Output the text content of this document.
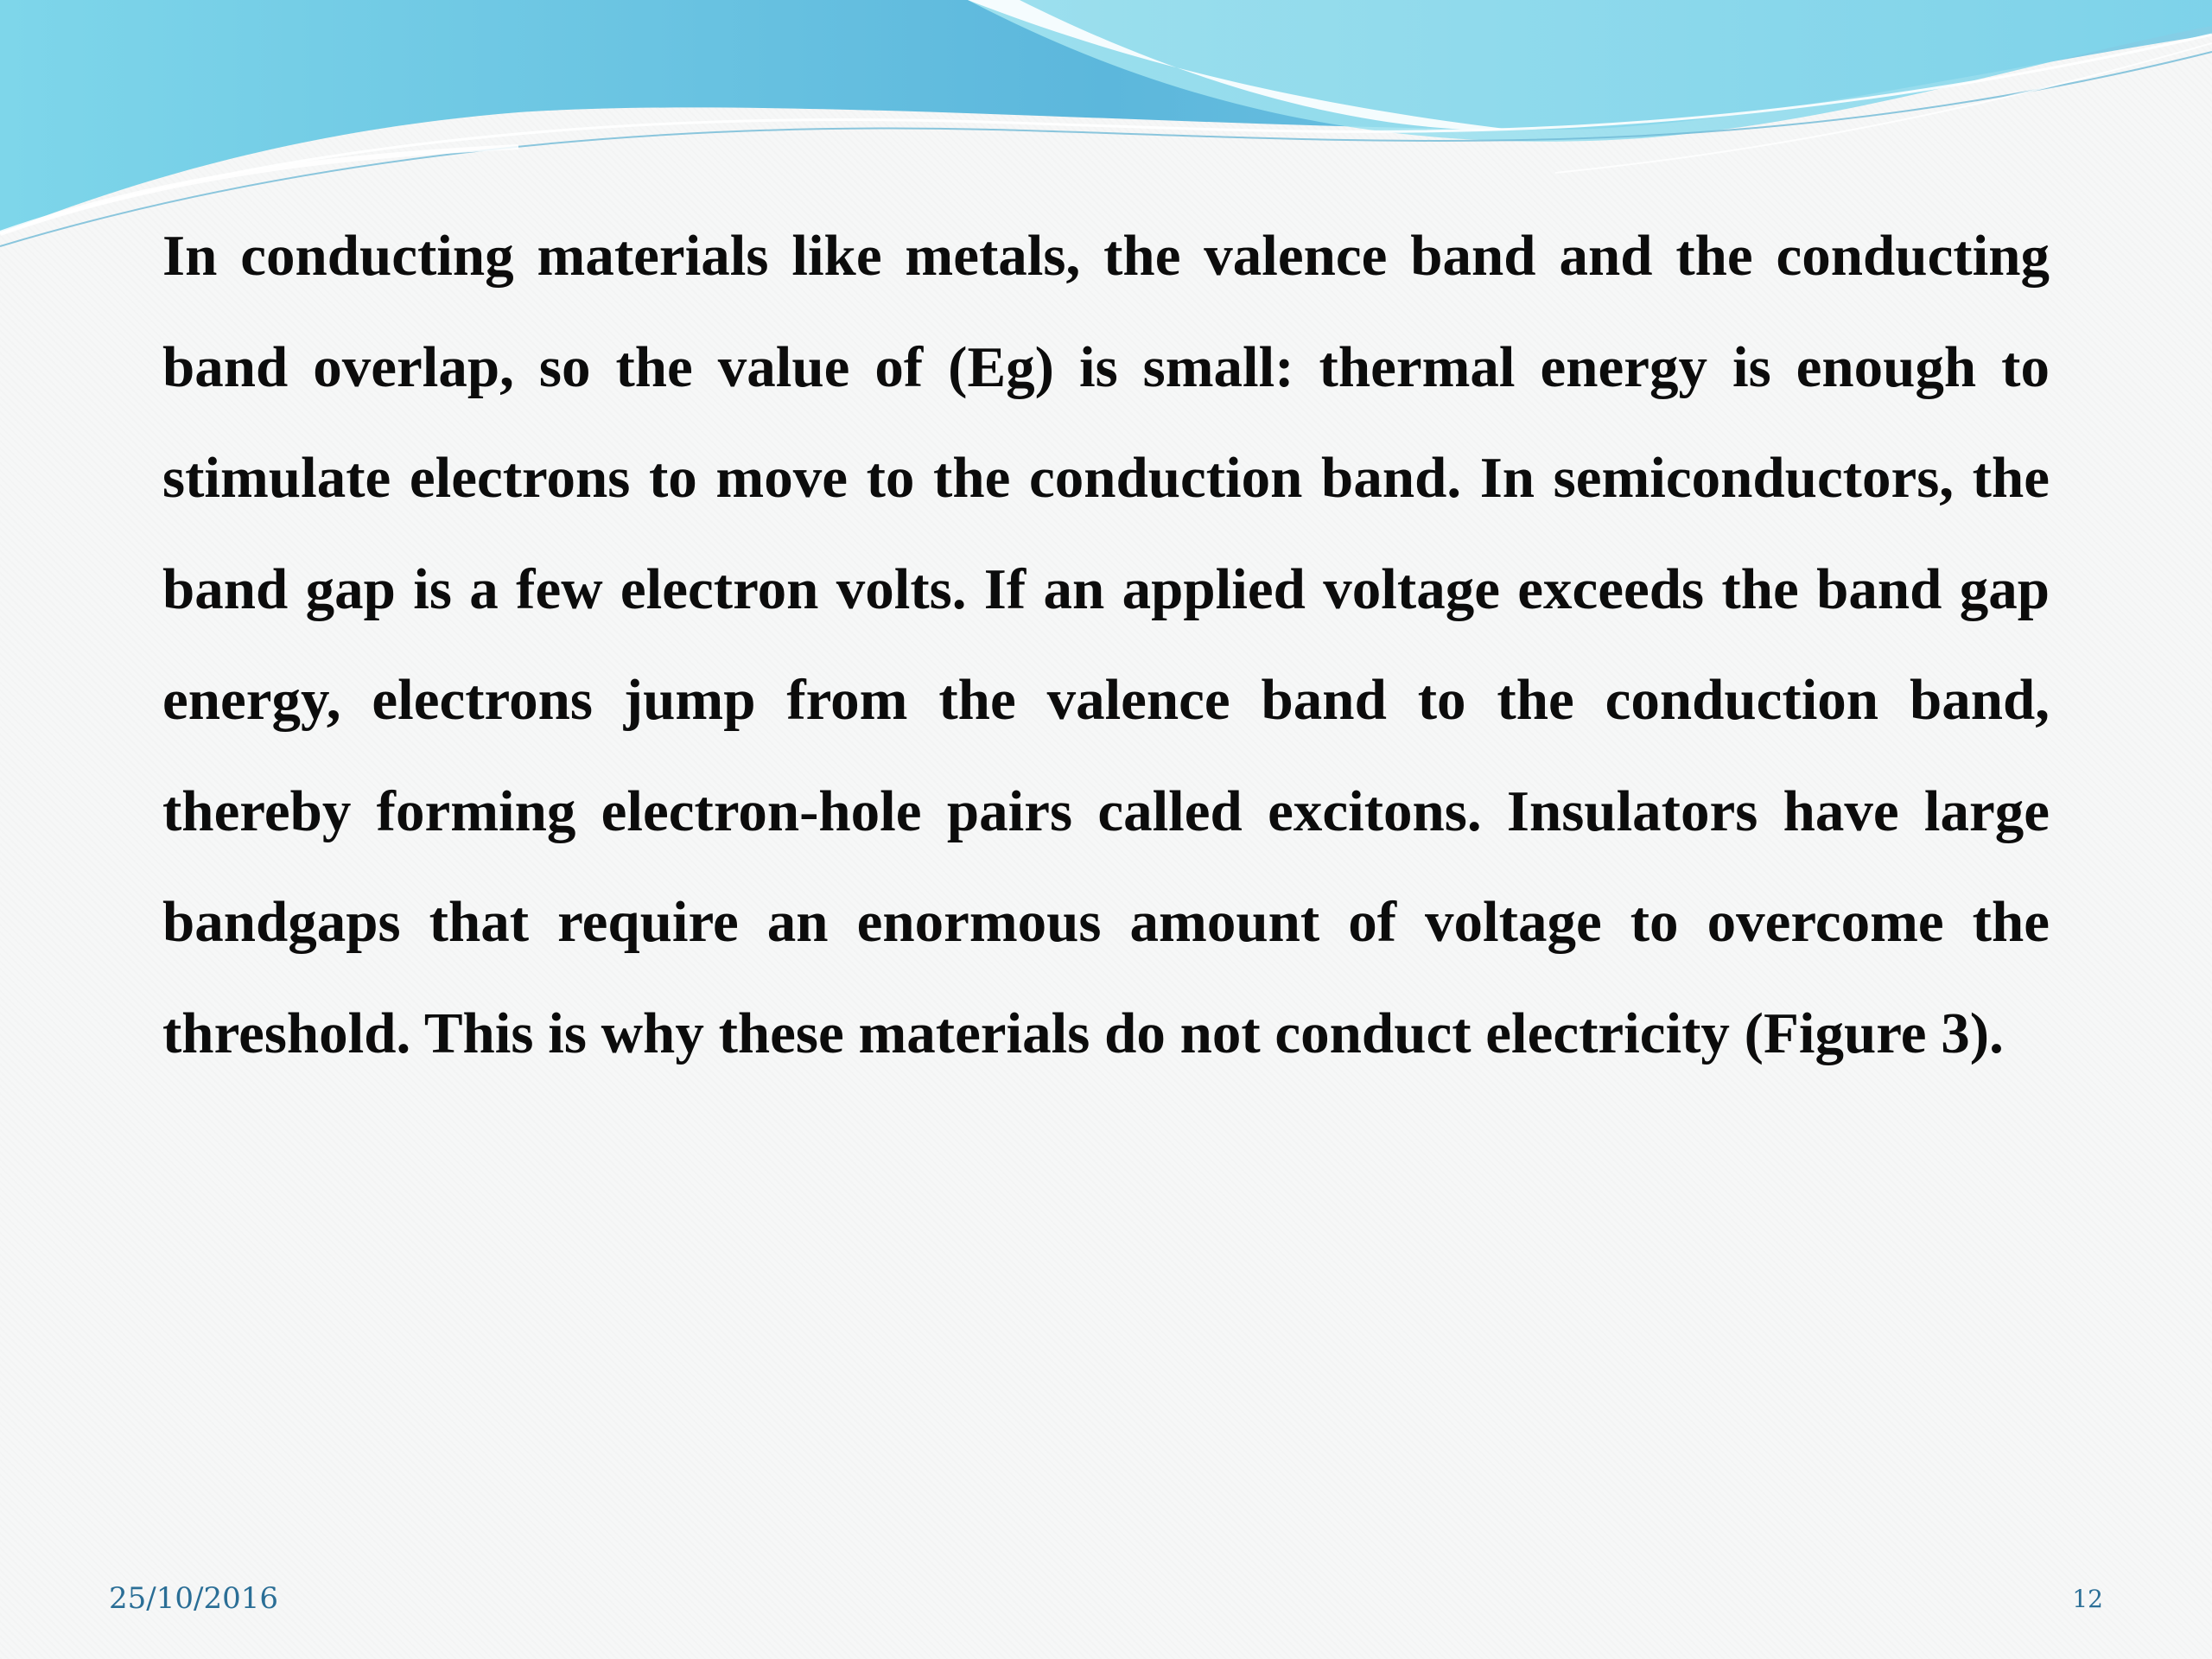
In conducting materials like metals, the valence band and the conducting band overlap, so the value of (Eg) is small: thermal energy is enough to stimulate electrons to move to the conduction band. In semiconductors, the band gap is a few electron volts. If an applied voltage exceeds the band gap energy, electrons jump from the valence band to the conduction band, thereby forming electron-hole pairs called excitons. Insulators have large bandgaps that require an enormous amount of voltage to overcome the threshold. This is why these materials do not conduct electricity (Figure 3).

25/10/2016	12
